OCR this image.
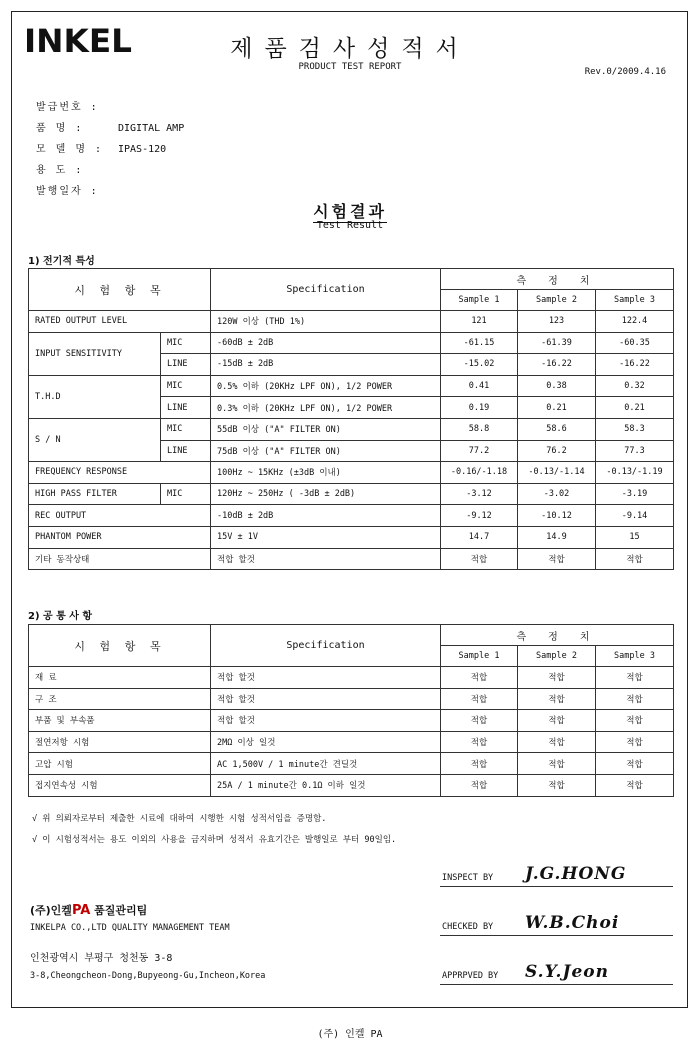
INKEL	제품검사성적서
PRODUCT TEST REPORT	Rev.0/2009.4.16
발급번호 :
품 명 :	DIGITAL AMP
모 델 명 : IPAS-120
용 도 :
발행일자 :
시험결과
Test Result
1) 전기적 특성
시 험 항 목		Specification	측 정 치		
			Sample 1	Sample 2	Sample 3
RATED OUTPUT LEVEL		120W 이상 (THD 1%)	121	123	122.4
INPUT SENSITIVITY	MIC	-60dB ± 2dB	-61.15	-61.39	-60.35
	LINE	-15dB ± 2dB	-15.02	-16.22	-16.22
T.H.D	MIC	0.5% 이하 (20KHz LPF ON), 1/2 POWER	0.41	0.38	0.32
	LINE	0.3% 이하 (20KHz LPF ON), 1/2 POWER	0.19	0.21	0.21
S / N	MIC	55dB 이상 ("A" FILTER ON)	58.8	58.6	58.3
	LINE	75dB 이상 ("A" FILTER ON)	77.2	76.2	77.3
FREQUENCY RESPONSE		100Hz ~ 15KHz (±3dB 이내)	-0.16/-1.18	-0.13/-1.14	-0.13/-1.19
HIGH PASS FILTER	MIC	120Hz ~ 250Hz ( -3dB ± 2dB)	-3.12	-3.02	-3.19
REC OUTPUT		-10dB ± 2dB	-9.12	-10.12	-9.14
PHANTOM POWER		15V ± 1V	14.7	14.9	15
기타 동작상태		적합 할것	적합	적합	적합
2) 공 통 사 항
시 험 항 목	Specification	측 정 치		
		Sample 1	Sample 2	Sample 3
재 료	적합 할것	적합	적합	적합
구 조	적합 할것	적합	적합	적합
부품 및 부속품	적합 할것	적합	적합	적합
절연저항 시험	2MΩ 이상 일것	적합	적합	적합
고압 시험	AC 1,500V / 1 minute간 견딜것	적합	적합	적합
접지연속성 시험	25A / 1 minute간 0.1Ω 이하 일것	적합	적합	적합
√ 위 의뢰자로부터 제출한 시료에 대하여 시행한 시험 성적서임을 증명함.
√ 이 시험성적서는 용도 이외의 사용을 금지하며 성적서 유효기간은 발행일로 부터 90일임.
INSPECT BY J.G.HONG
CHECKED BY W.B.Choi
APPRPVED BY S.Y.Jeon
(주)인켈PA 품질관리팀
INKELPA CO.,LTD QUALITY MANAGEMENT TEAM
인천광역시 부평구 청천동 3-8
3-8,Cheongcheon-Dong,Bupyeong-Gu,Incheon,Korea
(주) 인켈 PA
